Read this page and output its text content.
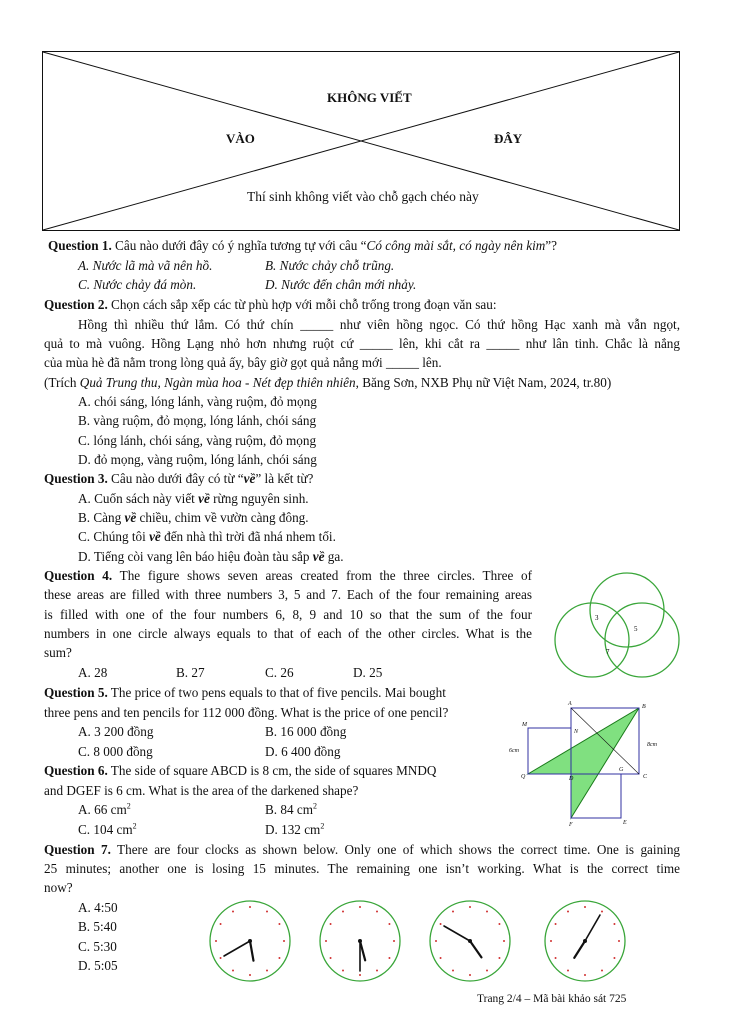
KHÔNG VIẾT
VÀO	ĐÂY
Thí sinh không viết vào chỗ gạch chéo này
Question 1. Câu nào dưới đây có ý nghĩa tương tự với câu “Có công mài sắt, có ngày nên kim”?
A. Nước lã mà vã nên hồ.	B. Nước chảy chỗ trũng.
C. Nước chảy đá mòn.	D. Nước đến chân mới nhảy.
Question 2. Chọn cách sắp xếp các từ phù hợp với mỗi chỗ trống trong đoạn văn sau:
Hồng thì nhiều thứ lắm. Có thứ chín _____ như viên hồng ngọc. Có thứ hồng Hạc xanh mà vẫn ngọt,
quả to mà vuông. Hồng Lạng nhỏ hơn nhưng ruột cứ _____ lên, khi cắt ra _____ như lân tinh. Chắc là nắng
của mùa hè đã nằm trong lòng quả ấy, bây giờ gọt quả nắng mới _____ lên.
(Trích Quả Trung thu, Ngàn mùa hoa - Nét đẹp thiên nhiên, Băng Sơn, NXB Phụ nữ Việt Nam, 2024, tr.80)
A. chói sáng, lóng lánh, vàng ruộm, đỏ mọng
B. vàng ruộm, đỏ mọng, lóng lánh, chói sáng
C. lóng lánh, chói sáng, vàng ruộm, đỏ mọng
D. đỏ mọng, vàng ruộm, lóng lánh, chói sáng
Question 3. Câu nào dưới đây có từ “về” là kết từ?
A. Cuốn sách này viết về rừng nguyên sinh.
B. Càng về chiều, chim về vườn càng đông.
C. Chúng tôi về đến nhà thì trời đã nhá nhem tối.
D. Tiếng còi vang lên báo hiệu đoàn tàu sắp về ga.
Question 4. The figure shows seven areas created from the three circles. Three of
these areas are filled with three numbers 3, 5 and 7. Each of the four remaining areas
is filled with one of the four numbers 6, 8, 9 and 10 so that the sum of the four
numbers in one circle always equals to that of each of the other circles. What is the
sum?
A. 28	B. 27	C. 26	D. 25
3
5
7
Question 5. The price of two pens equals to that of five pencils. Mai bought
three pens and ten pencils for 112 000 đồng. What is the price of one pencil?
A. 3 200 đồng	B. 16 000 đồng
C. 8 000 đồng	D. 6 400 đồng
Question 6. The side of square ABCD is 8 cm, the side of squares MNDQ
and DGEF is 6 cm. What is the area of the darkened shape?
A. 66 $cm^2$	B. 84 $cm^2$
C. 104 $cm^2$	D. 132 $cm^2$
A	B
C
D
E
F
G
M
N
Q
8cm
6cm
Question 7. There are four clocks as shown below. Only one of which shows the correct time. One is gaining
25 minutes; another one is losing 15 minutes. The remaining one isn’t working. What is the correct time
now?
A. 4:50
B. 5:40
C. 5:30
D. 5:05
Trang 2/4 – Mã bài khảo sát 725
